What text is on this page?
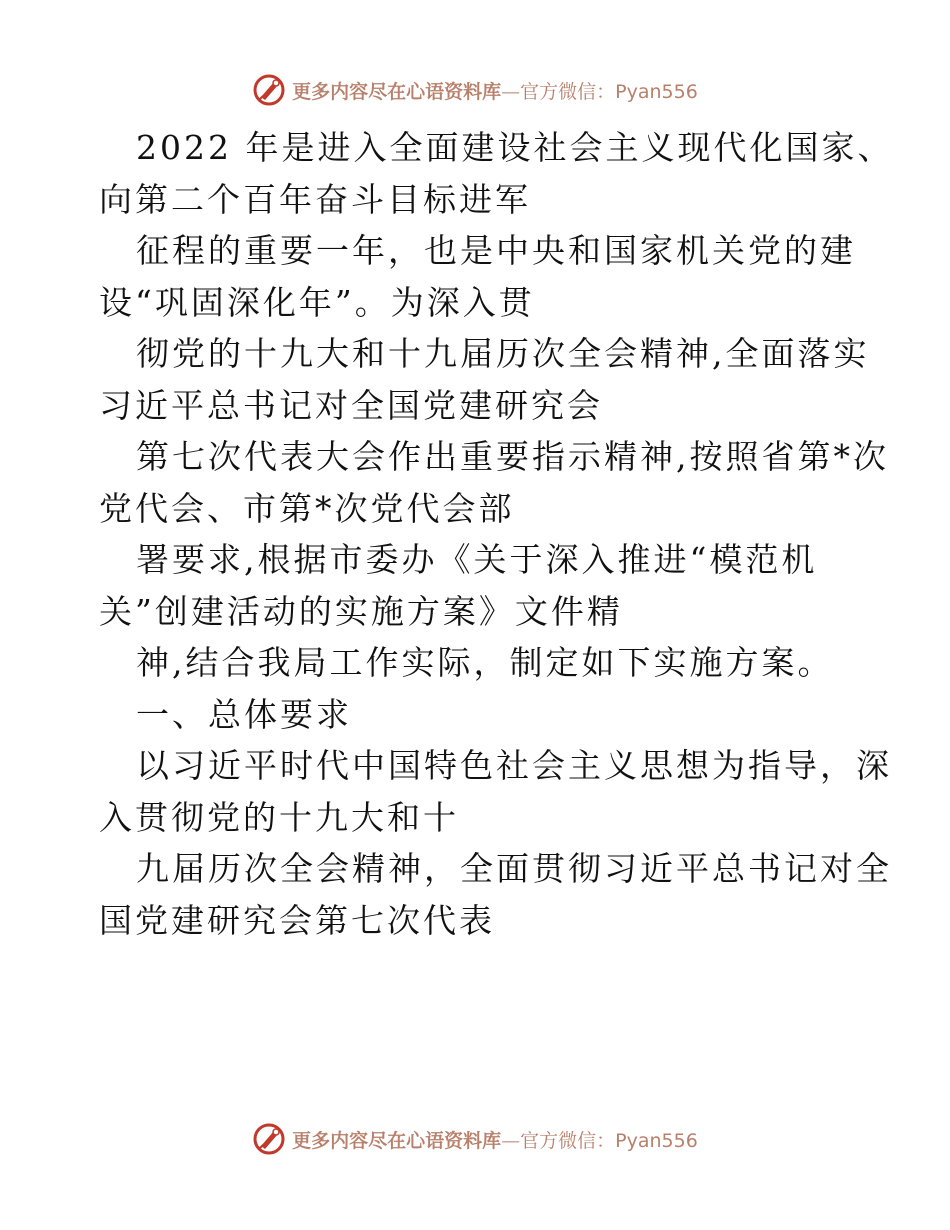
更多内容尽在心语资料库 — 官方微信：Pyan556
2022 年是进入全面建设社会主义现代化国家、
向第二个百年奋斗目标进军
征程的重要一年，也是中央和国家机关党的建
设“巩固深化年”。为深入贯
彻党的十九大和十九届历次全会精神,全面落实
习近平总书记对全国党建研究会
第七次代表大会作出重要指示精神,按照省第*次
党代会、市第*次党代会部
署要求,根据市委办《关于深入推进“模范机
关”创建活动的实施方案》文件精
神,结合我局工作实际，制定如下实施方案。
一、总体要求
以习近平时代中国特色社会主义思想为指导，深
入贯彻党的十九大和十
九届历次全会精神，全面贯彻习近平总书记对全
国党建研究会第七次代表
更多内容尽在心语资料库 — 官方微信：Pyan556
